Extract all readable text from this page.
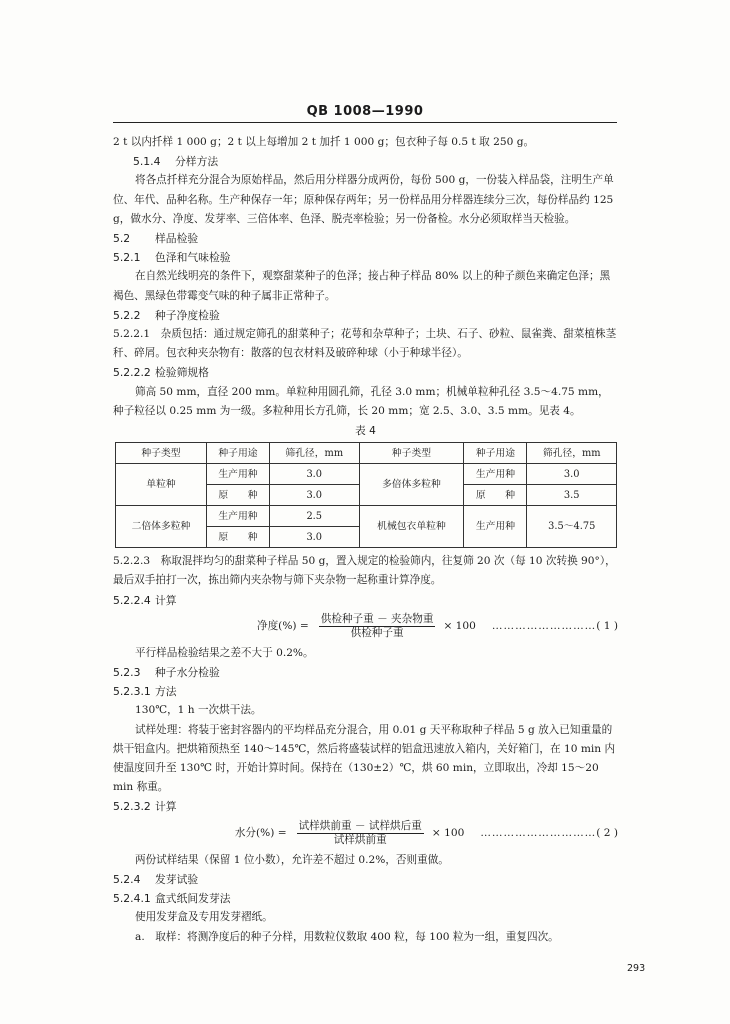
QB 1008—1990

2 t 以内扦样 1 000 g；2 t 以上每增加 2 t 加扦 1 000 g；包衣种子每 0.5 t 取 250 g。

5.1.4 分样方法

将各点扦样充分混合为原始样品，然后用分样器分成两份，每份 500 g，一份装入样品袋，注明生产单位、年代、品种名称。生产种保存一年；原种保存两年；另一份样品用分样器连续分三次，每份样品约 125 g，做水分、净度、发芽率、三倍体率、色泽、脱壳率检验；另一份备检。水分必须取样当天检验。

5.2 样品检验
5.2.1 色泽和气味检验

在自然光线明亮的条件下，观察甜菜种子的色泽；接占种子样品 80% 以上的种子颜色来确定色泽；黑褐色、黑绿色带霉变气味的种子属非正常种子。

5.2.2 种子净度检验

5.2.2.1　杂质包括：通过规定筛孔的甜菜种子；花萼和杂草种子；土块、石子、砂粒、鼠雀粪、甜菜植株茎秆、碎屑。包衣种夹杂物有：散落的包衣材料及破碎种球（小于种球半径）。

5.2.2.2 检验筛规格

筛高 50 mm，直径 200 mm。单粒种用圆孔筛，孔径 3.0 mm；机械单粒种孔径 3.5～4.75 mm，种子粒径以 0.25 mm 为一级。多粒种用长方孔筛，长 20 mm；宽 2.5、3.0、3.5 mm。见表 4。

表 4
种子类型	种子用途	筛孔径，mm	种子类型	种子用途	筛孔径，mm
单粒种	生产用种	3.0	多倍体多粒种	生产用种	3.0
	原　　种	3.0		原　　种	3.5
二倍体多粒种	生产用种	2.5	机械包衣单粒种	生产用种	3.5～4.75
	原　　种	3.0			

5.2.2.3　称取混拌均匀的甜菜种子样品 50 g，置入规定的检验筛内，往复筛 20 次（每 10 次转换 90°），最后双手拍打一次，拣出筛内夹杂物与筛下夹杂物一起称重计算净度。

5.2.2.4 计算
净度(%) = $\frac{\text{供检种子重 － 夹杂物重}}{\text{供检种子重}} \times 100$ ……………………… ( 1 )

平行样品检验结果之差不大于 0.2%。

5.2.3 种子水分检验
5.2.3.1 方法

130℃，1 h 一次烘干法。

试样处理：将装于密封容器内的平均样品充分混合，用 0.01 g 天平称取种子样品 5 g 放入已知重量的烘干铝盒内。把烘箱预热至 140～145℃，然后将盛装试样的铝盒迅速放入箱内，关好箱门，在 10 min 内使温度回升至 130℃ 时，开始计算时间。保持在（130±2）℃，烘 60 min，立即取出，冷却 15～20 min 称重。

5.2.3.2 计算
水分(%) = $\frac{\text{试样烘前重 － 试样烘后重}}{\text{试样烘前重}} \times 100$ ………………………… ( 2 )

两份试样结果（保留 1 位小数），允许差不超过 0.2%，否则重做。

5.2.4 发芽试验
5.2.4.1 盒式纸间发芽法

使用发芽盒及专用发芽褶纸。

a.　取样：将测净度后的种子分样，用数粒仪数取 400 粒，每 100 粒为一组，重复四次。

293
